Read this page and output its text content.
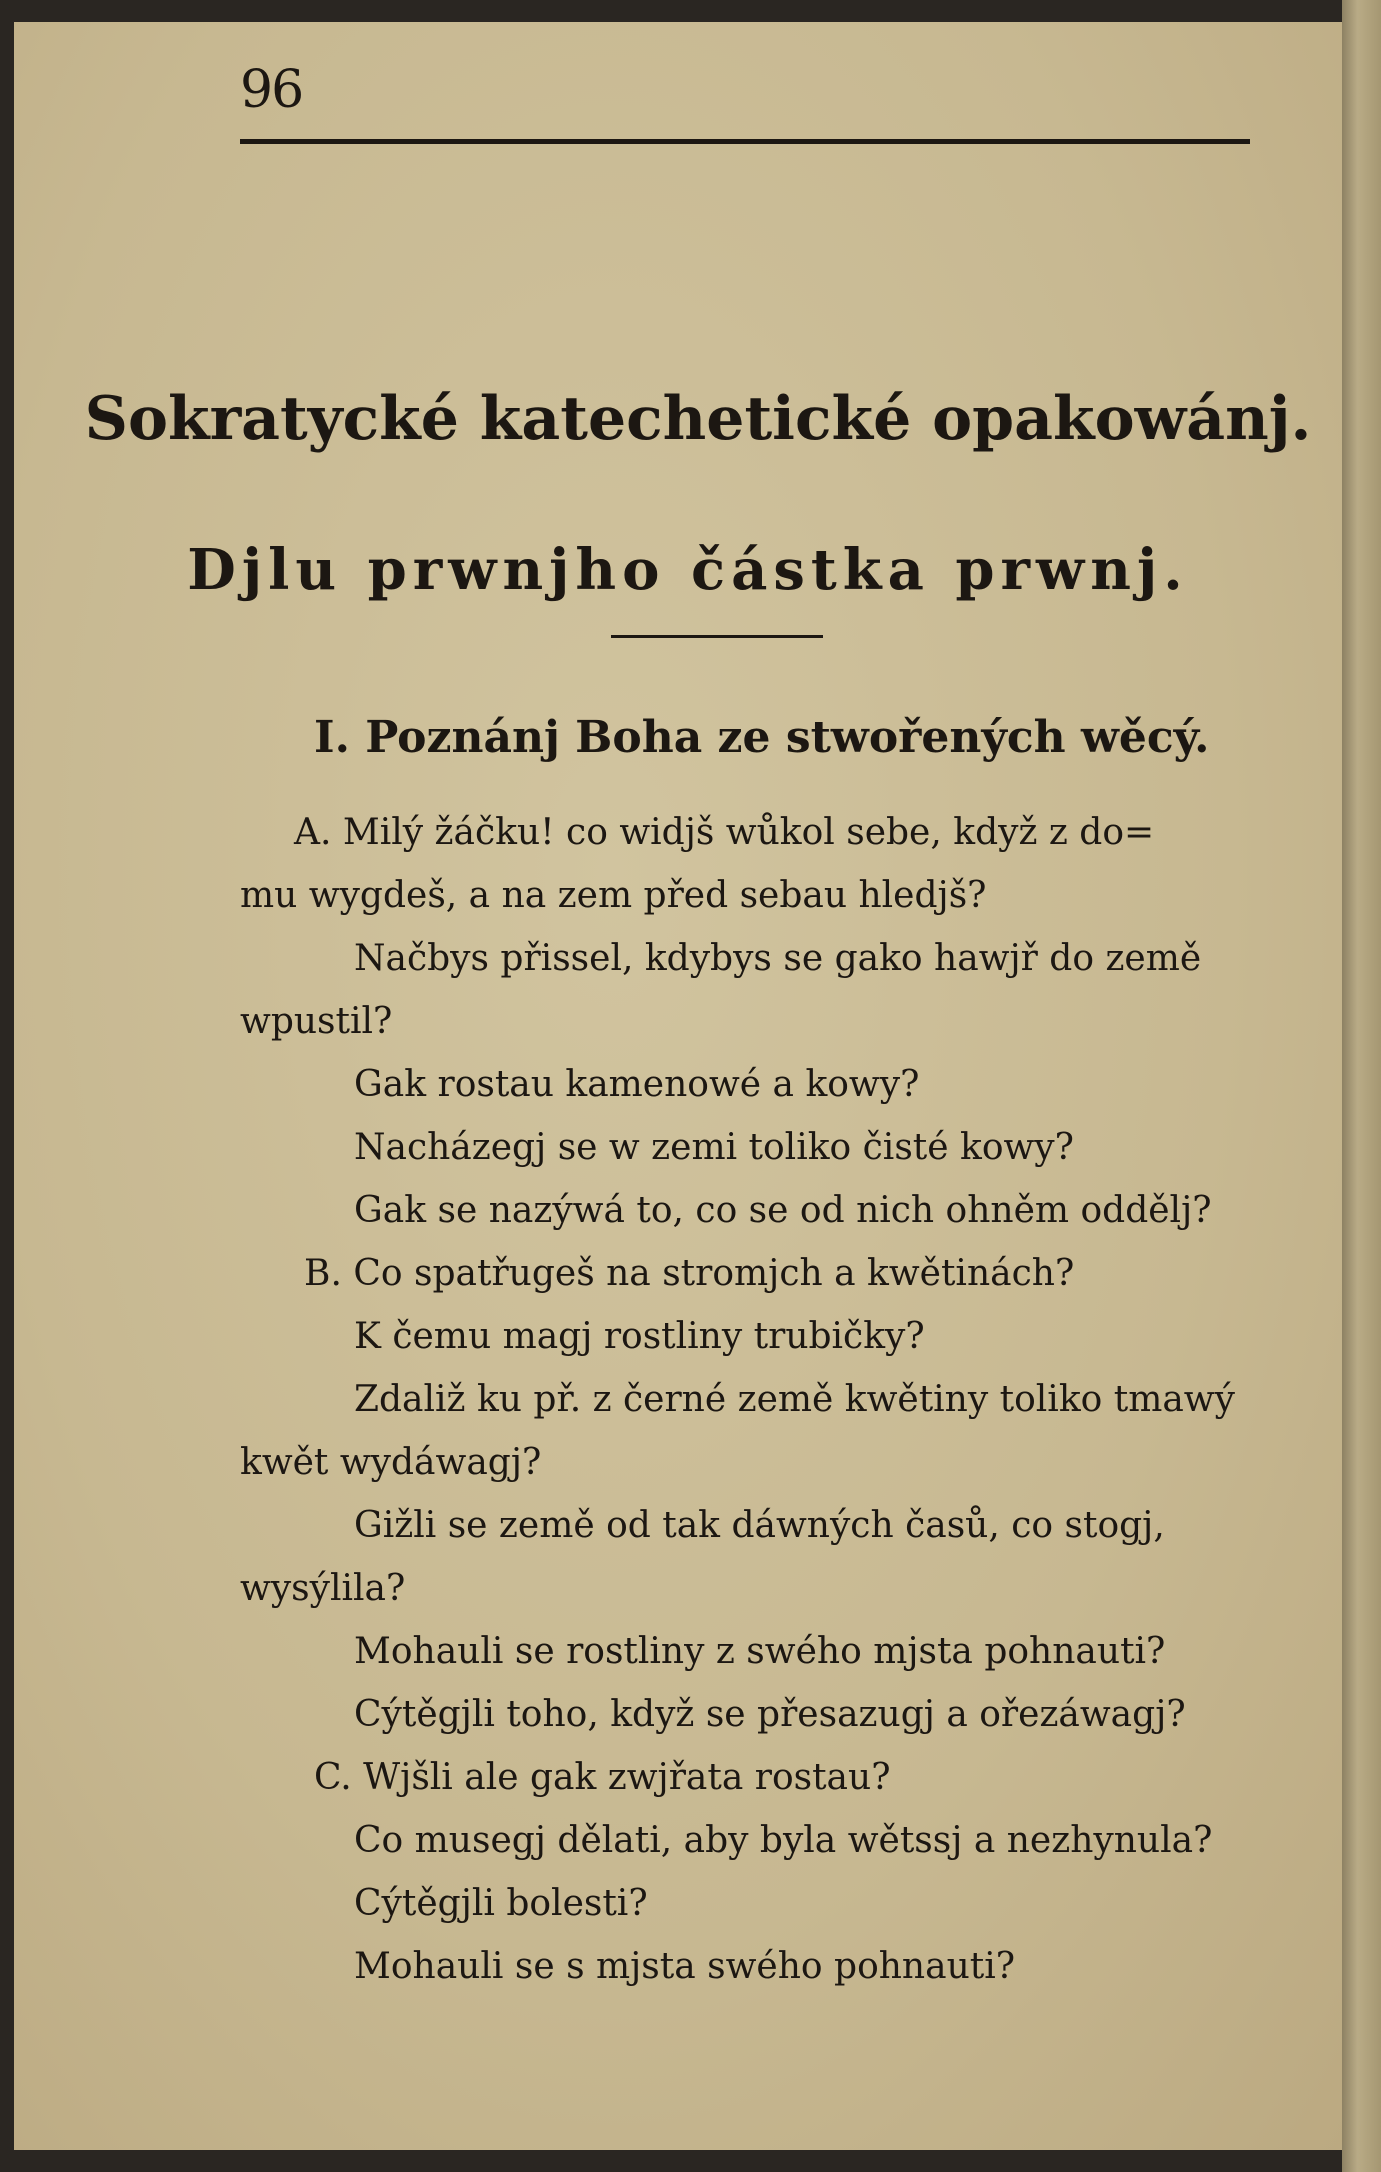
96
Sokratycké katechetické opakowánj.
Djlu prwnjho částka prwnj.
I. Poznánj Boha ze stwořených wěcý.
A. Milý žáčku! co widjš wůkol sebe, když z do=
mu wygdeš, a na zem před sebau hledjš?
Načbys přissel, kdybys se gako hawjř do země
wpustil?
Gak rostau kamenowé a kowy?
Nacházegj se w zemi toliko čisté kowy?
Gak se nazýwá to, co se od nich ohněm oddělj?
B. Co spatřugeš na stromjch a kwětinách?
K čemu magj rostliny trubičky?
Zdaliž ku př. z černé země kwětiny toliko tmawý
kwět wydáwagj?
Gižli se země od tak dáwných časů, co stogj,
wysýlila?
Mohauli se rostliny z swého mjsta pohnauti?
Cýtěgjli toho, když se přesazugj a ořezáwagj?
C. Wjšli ale gak zwjřata rostau?
Co musegj dělati, aby byla wětssj a nezhynula?
Cýtěgjli bolesti?
Mohauli se s mjsta swého pohnauti?
